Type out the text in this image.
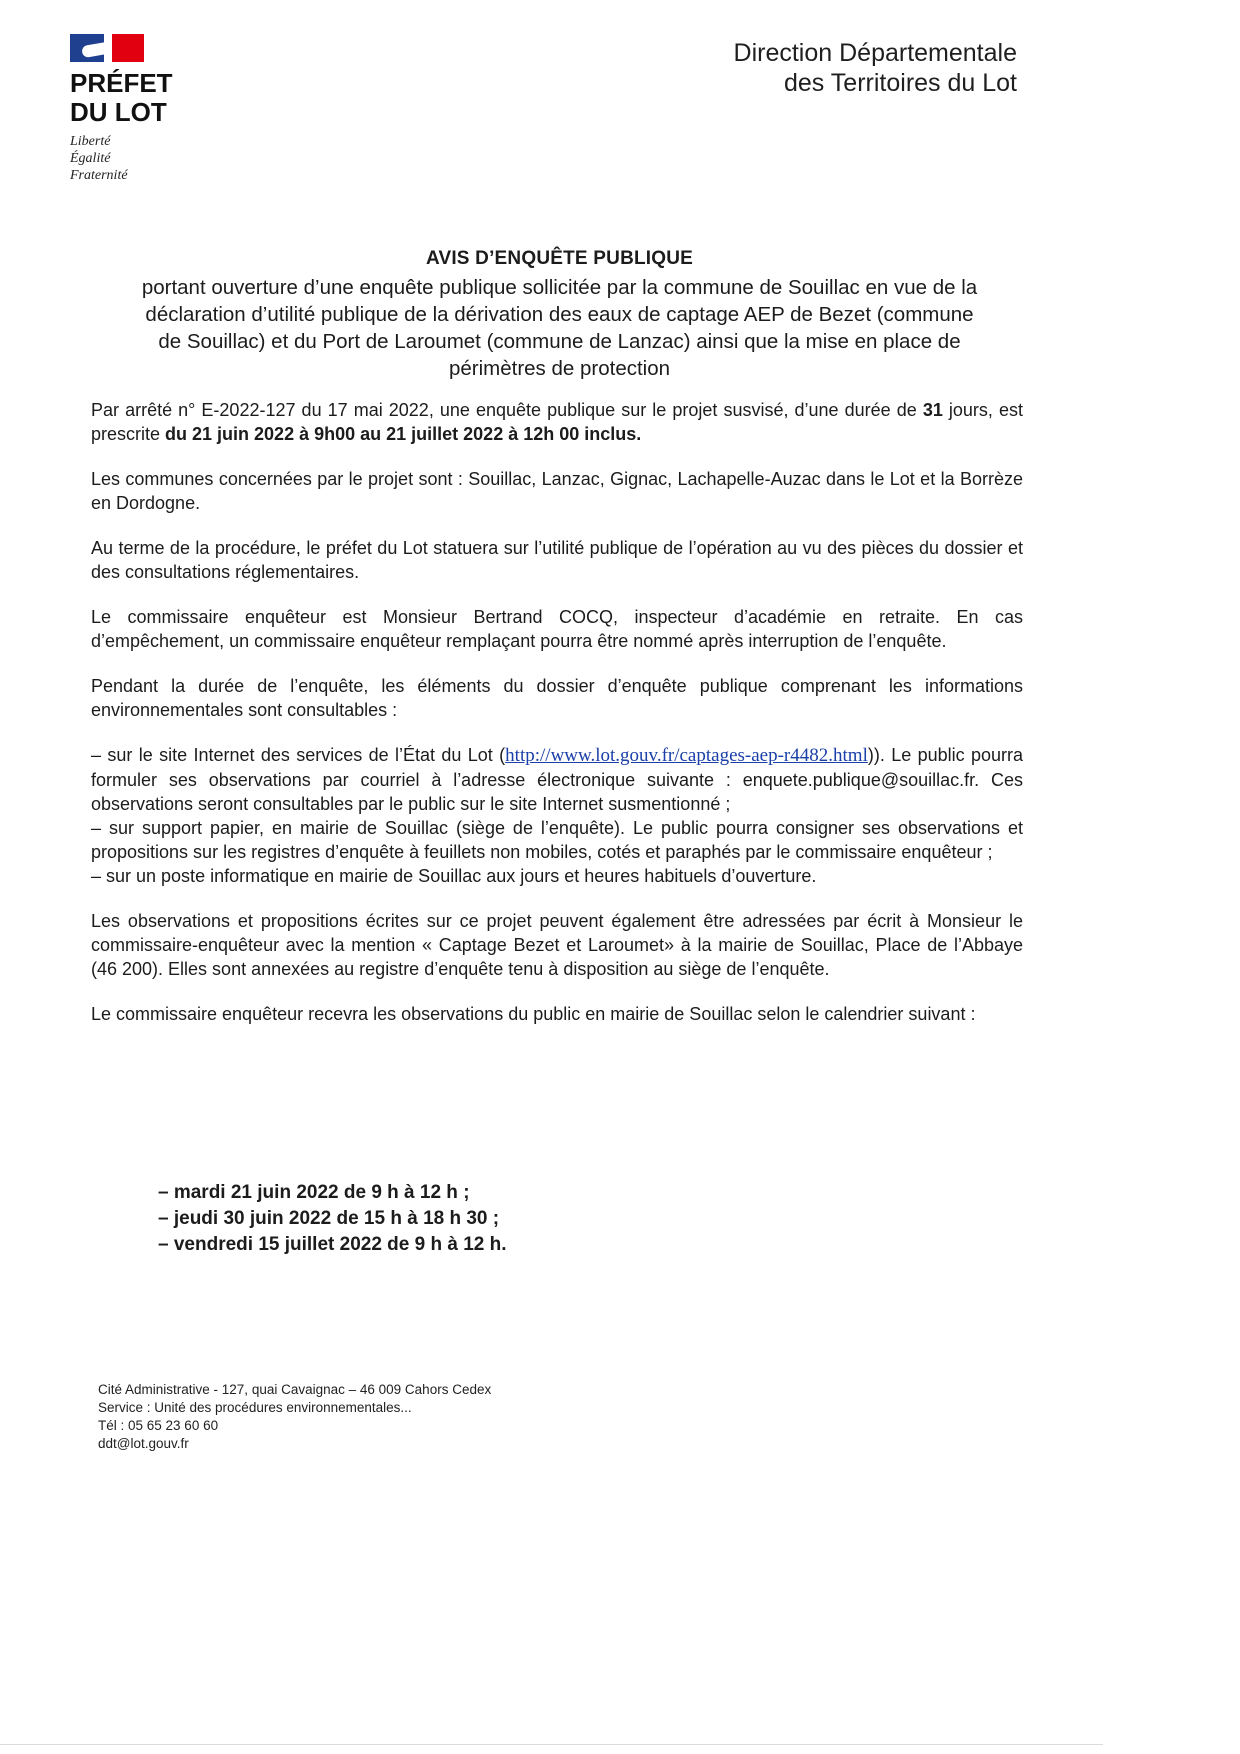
PRÉFET
DU LOT
Liberté
Égalité
Fraternité
Direction Départementale
des Territoires du Lot
AVIS D’ENQUÊTE PUBLIQUE
portant ouverture d’une enquête publique sollicitée par la commune de Souillac en vue de la
déclaration d’utilité publique de la dérivation des eaux de captage AEP de Bezet (commune
de Souillac) et du Port de Laroumet (commune de Lanzac) ainsi que la mise en place de
périmètres de protection

Par arrêté n° E-2022-127 du 17 mai 2022, une enquête publique sur le projet susvisé, d’une durée de 31 jours, est prescrite du 21 juin 2022 à 9h00 au 21 juillet 2022 à 12h 00 inclus.

Les communes concernées par le projet sont : Souillac, Lanzac, Gignac, Lachapelle-Auzac dans le Lot et la Borrèze en Dordogne.

Au terme de la procédure, le préfet du Lot statuera sur l’utilité publique de l’opération au vu des pièces du dossier et des consultations réglementaires.

Le commissaire enquêteur est Monsieur Bertrand COCQ, inspecteur d’académie en retraite. En cas d’empêchement, un commissaire enquêteur remplaçant pourra être nommé après interruption de l’enquête.

Pendant la durée de l’enquête, les éléments du dossier d’enquête publique comprenant les informations environnementales sont consultables :

– sur le site Internet des services de l’État du Lot (http://www.lot.gouv.fr/captages-aep-r4482.html)). Le public pourra formuler ses observations par courriel à l’adresse électronique suivante : enquete.publique@souillac.fr. Ces observations seront consultables par le public sur le site Internet susmentionné ;

– sur support papier, en mairie de Souillac (siège de l’enquête). Le public pourra consigner ses observations et propositions sur les registres d’enquête à feuillets non mobiles, cotés et paraphés par le commissaire enquêteur ;

– sur un poste informatique en mairie de Souillac aux jours et heures habituels d’ouverture.

Les observations et propositions écrites sur ce projet peuvent également être adressées par écrit à Monsieur le commissaire-enquêteur avec la mention « Captage Bezet et Laroumet» à la mairie de Souillac, Place de l’Abbaye (46 200). Elles sont annexées au registre d’enquête tenu à disposition au siège de l’enquête.

Le commissaire enquêteur recevra les observations du public en mairie de Souillac selon le calendrier suivant :

– mardi 21 juin 2022 de 9 h à 12 h ;
– jeudi 30 juin 2022 de 15 h à 18 h 30 ;
– vendredi 15 juillet 2022 de 9 h à 12 h.
Cité Administrative - 127, quai Cavaignac – 46 009 Cahors Cedex
Service : Unité des procédures environnementales...
Tél : 05 65 23 60 60
ddt@lot.gouv.fr
